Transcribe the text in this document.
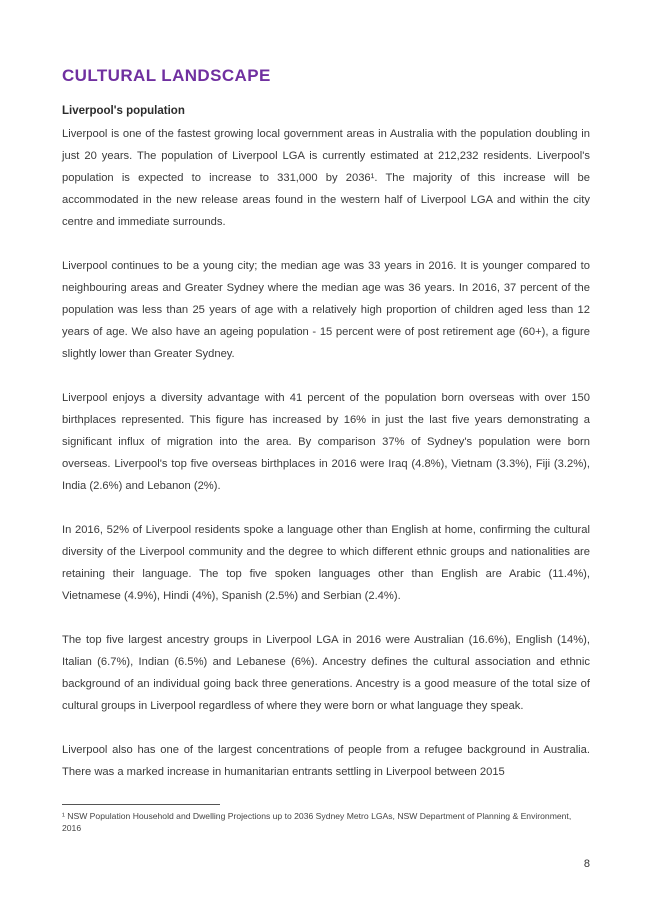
CULTURAL LANDSCAPE
Liverpool's population

Liverpool is one of the fastest growing local government areas in Australia with the population doubling in just 20 years. The population of Liverpool LGA is currently estimated at 212,232 residents. Liverpool's population is expected to increase to 331,000 by 2036¹. The majority of this increase will be accommodated in the new release areas found in the western half of Liverpool LGA and within the city centre and immediate surrounds.

Liverpool continues to be a young city; the median age was 33 years in 2016. It is younger compared to neighbouring areas and Greater Sydney where the median age was 36 years. In 2016, 37 percent of the population was less than 25 years of age with a relatively high proportion of children aged less than 12 years of age. We also have an ageing population - 15 percent were of post retirement age (60+), a figure slightly lower than Greater Sydney.

Liverpool enjoys a diversity advantage with 41 percent of the population born overseas with over 150 birthplaces represented. This figure has increased by 16% in just the last five years demonstrating a significant influx of migration into the area. By comparison 37% of Sydney's population were born overseas. Liverpool's top five overseas birthplaces in 2016 were Iraq (4.8%), Vietnam (3.3%), Fiji (3.2%), India (2.6%) and Lebanon (2%).

In 2016, 52% of Liverpool residents spoke a language other than English at home, confirming the cultural diversity of the Liverpool community and the degree to which different ethnic groups and nationalities are retaining their language. The top five spoken languages other than English are Arabic (11.4%), Vietnamese (4.9%), Hindi (4%), Spanish (2.5%) and Serbian (2.4%).

The top five largest ancestry groups in Liverpool LGA in 2016 were Australian (16.6%), English (14%), Italian (6.7%), Indian (6.5%) and Lebanese (6%). Ancestry defines the cultural association and ethnic background of an individual going back three generations. Ancestry is a good measure of the total size of cultural groups in Liverpool regardless of where they were born or what language they speak.

Liverpool also has one of the largest concentrations of people from a refugee background in Australia. There was a marked increase in humanitarian entrants settling in Liverpool between 2015

¹ NSW Population Household and Dwelling Projections up to 2036 Sydney Metro LGAs, NSW Department of Planning & Environment, 2016

8
